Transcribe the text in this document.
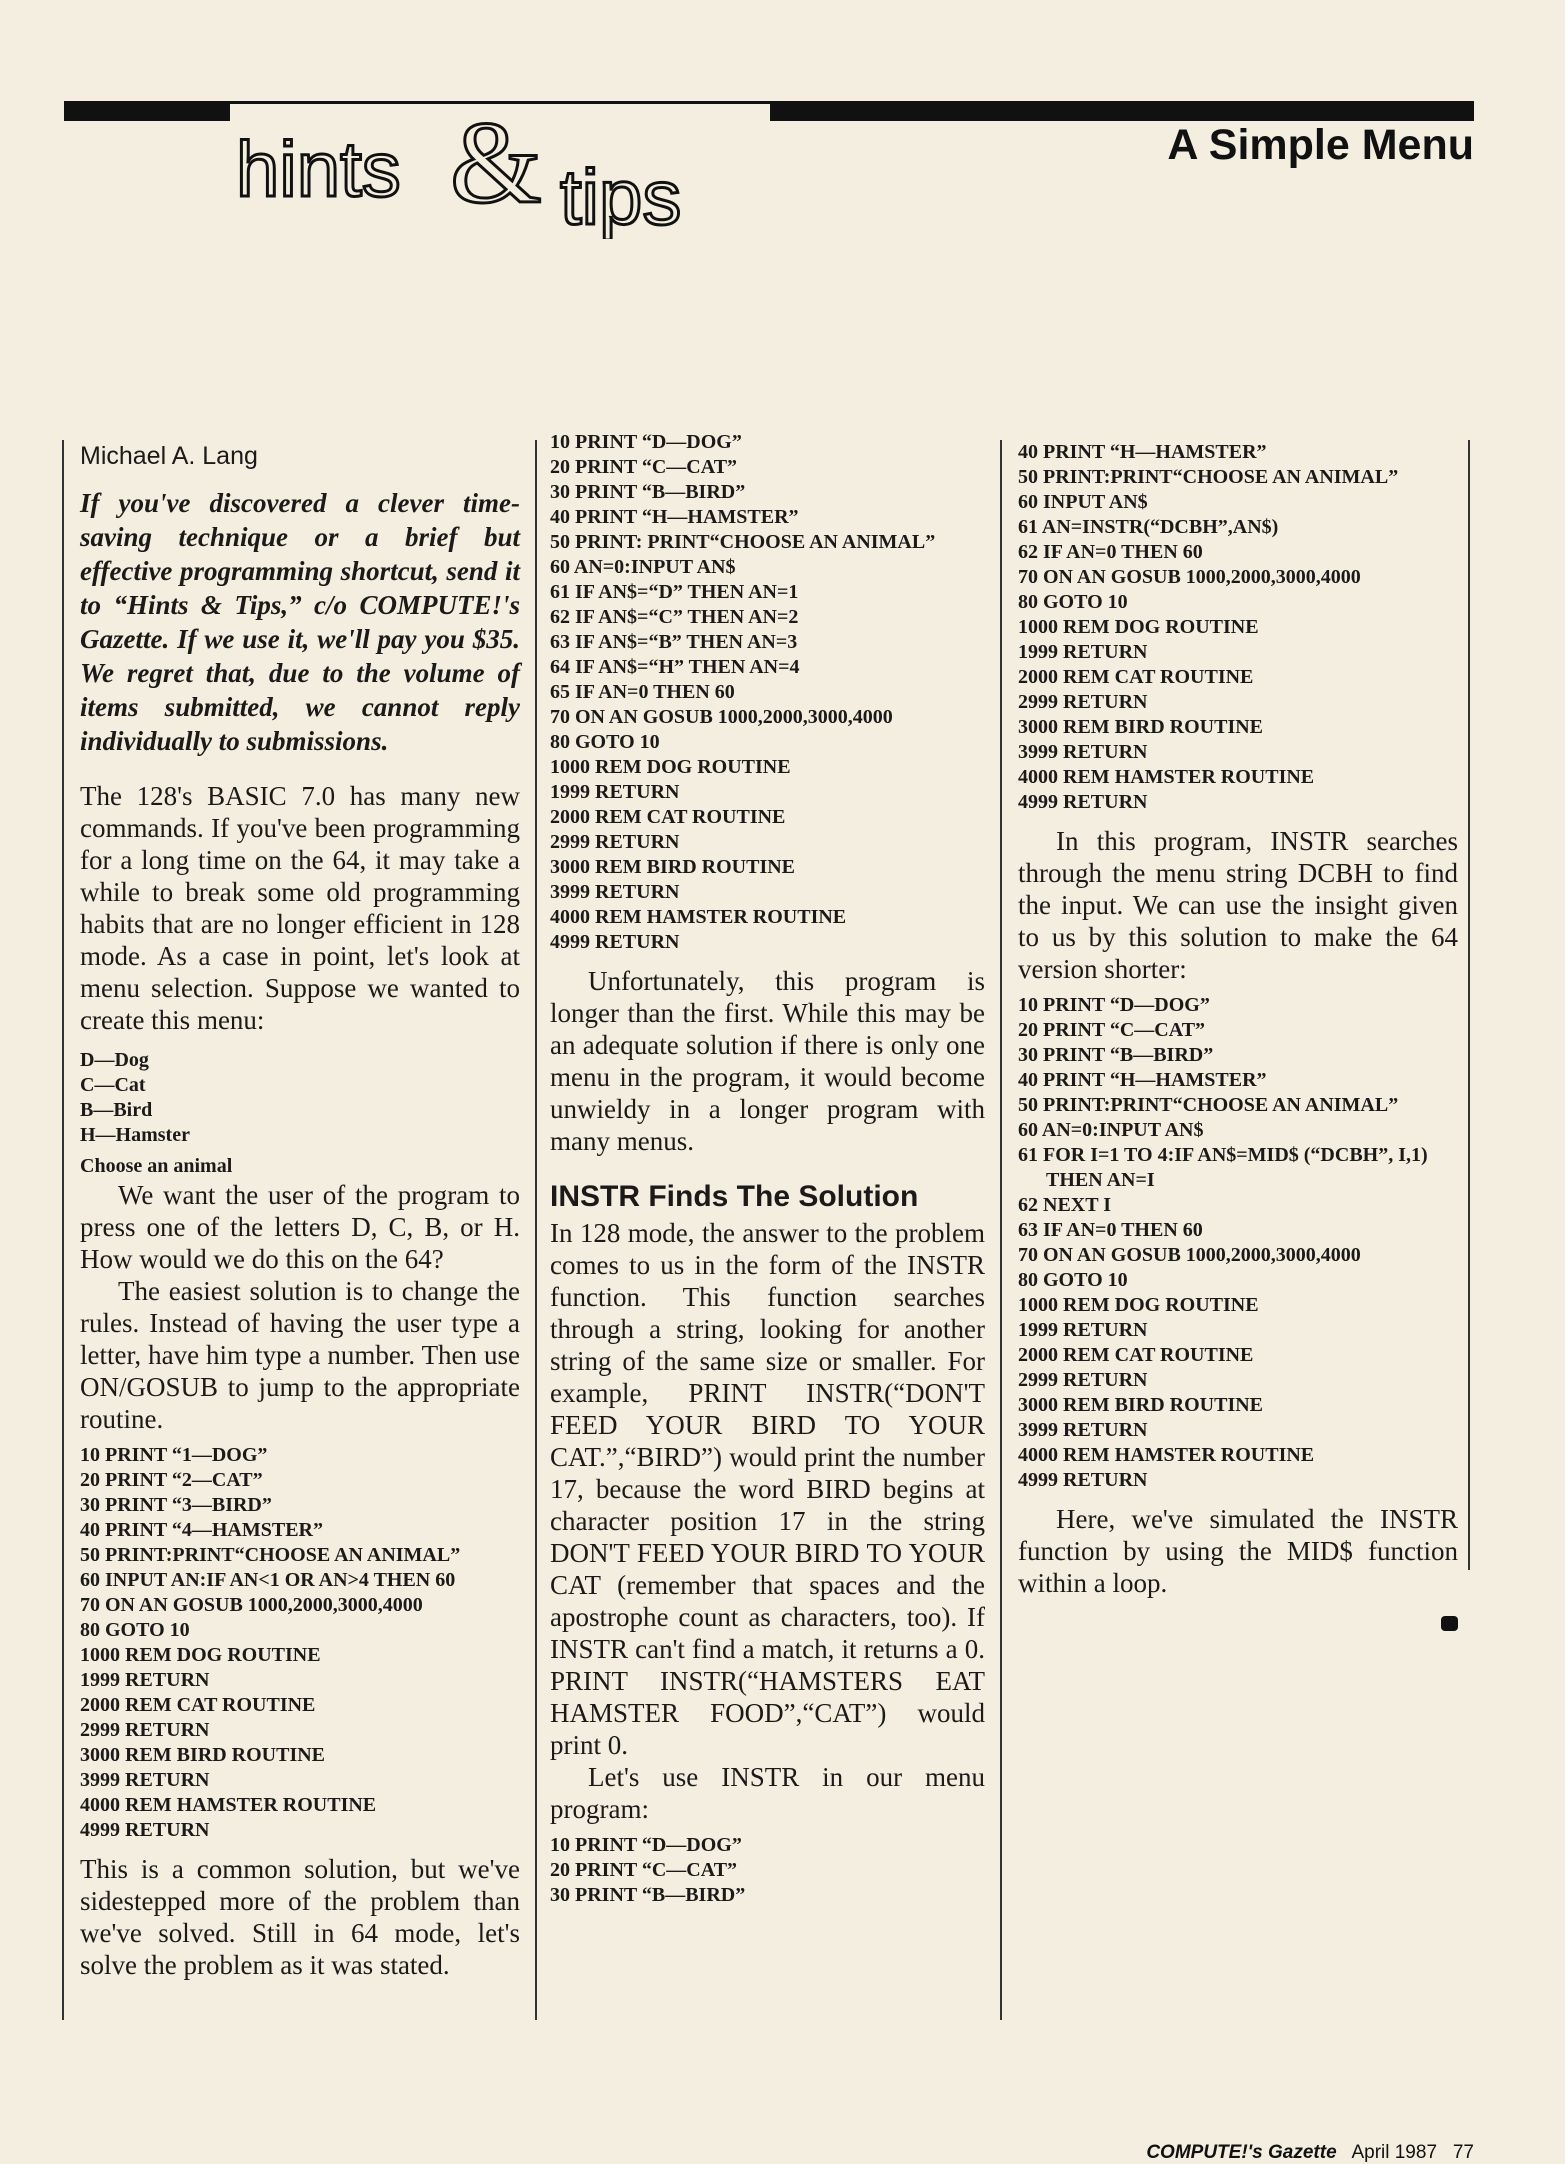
hints & tips
A Simple Menu

Michael A. Lang

If you've discovered a clever time-saving technique or a brief but effective programming shortcut, send it to “Hints & Tips,” c/o COMPUTE!'s Gazette. If we use it, we'll pay you $35. We regret that, due to the volume of items submitted, we cannot reply individually to submissions.

The 128's BASIC 7.0 has many new commands. If you've been programming for a long time on the 64, it may take a while to break some old programming habits that are no longer efficient in 128 mode. As a case in point, let's look at menu selection. Suppose we wanted to create this menu:

D—Dog
C—Cat
B—Bird
H—Hamster

Choose an animal

We want the user of the program to press one of the letters D, C, B, or H. How would we do this on the 64?

The easiest solution is to change the rules. Instead of having the user type a letter, have him type a number. Then use ON/GOSUB to jump to the appropriate routine.

10 PRINT “1—DOG”
20 PRINT “2—CAT”
30 PRINT “3—BIRD”
40 PRINT “4—HAMSTER”
50 PRINT:PRINT“CHOOSE AN ANIMAL”
60 INPUT AN:IF AN<1 OR AN>4 THEN 60
70 ON AN GOSUB 1000,2000,3000,4000
80 GOTO 10
1000 REM DOG ROUTINE
1999 RETURN
2000 REM CAT ROUTINE
2999 RETURN
3000 REM BIRD ROUTINE
3999 RETURN
4000 REM HAMSTER ROUTINE
4999 RETURN

This is a common solution, but we've sidestepped more of the problem than we've solved. Still in 64 mode, let's solve the problem as it was stated.

10 PRINT “D—DOG”
20 PRINT “C—CAT”
30 PRINT “B—BIRD”
40 PRINT “H—HAMSTER”
50 PRINT: PRINT“CHOOSE AN ANIMAL”
60 AN=0:INPUT AN$
61 IF AN$=“D” THEN AN=1
62 IF AN$=“C” THEN AN=2
63 IF AN$=“B” THEN AN=3
64 IF AN$=“H” THEN AN=4
65 IF AN=0 THEN 60
70 ON AN GOSUB 1000,2000,3000,4000
80 GOTO 10
1000 REM DOG ROUTINE
1999 RETURN
2000 REM CAT ROUTINE
2999 RETURN
3000 REM BIRD ROUTINE
3999 RETURN
4000 REM HAMSTER ROUTINE
4999 RETURN

Unfortunately, this program is longer than the first. While this may be an adequate solution if there is only one menu in the program, it would become unwieldy in a longer program with many menus.

INSTR Finds The Solution

In 128 mode, the answer to the problem comes to us in the form of the INSTR function. This function searches through a string, looking for another string of the same size or smaller. For example, PRINT INSTR(“DON'T FEED YOUR BIRD TO YOUR CAT.”,“BIRD”) would print the number 17, because the word BIRD begins at character position 17 in the string DON'T FEED YOUR BIRD TO YOUR CAT (remember that spaces and the apostrophe count as characters, too). If INSTR can't find a match, it returns a 0. PRINT INSTR(“HAMSTERS EAT HAMSTER FOOD”,“CAT”) would print 0.

Let's use INSTR in our menu program:

10 PRINT “D—DOG”
20 PRINT “C—CAT”
30 PRINT “B—BIRD”
40 PRINT “H—HAMSTER”
50 PRINT:PRINT“CHOOSE AN ANIMAL”
60 INPUT AN$
61 AN=INSTR(“DCBH”,AN$)
62 IF AN=0 THEN 60
70 ON AN GOSUB 1000,2000,3000,4000
80 GOTO 10
1000 REM DOG ROUTINE
1999 RETURN
2000 REM CAT ROUTINE
2999 RETURN
3000 REM BIRD ROUTINE
3999 RETURN
4000 REM HAMSTER ROUTINE
4999 RETURN

In this program, INSTR searches through the menu string DCBH to find the input. We can use the insight given to us by this solution to make the 64 version shorter:

10 PRINT “D—DOG”
20 PRINT “C—CAT”
30 PRINT “B—BIRD”
40 PRINT “H—HAMSTER”
50 PRINT:PRINT“CHOOSE AN ANIMAL”
60 AN=0:INPUT AN$
61 FOR I=1 TO 4:IF AN$=MID$ (“DCBH”, I,1) THEN AN=I
62 NEXT I
63 IF AN=0 THEN 60
70 ON AN GOSUB 1000,2000,3000,4000
80 GOTO 10
1000 REM DOG ROUTINE
1999 RETURN
2000 REM CAT ROUTINE
2999 RETURN
3000 REM BIRD ROUTINE
3999 RETURN
4000 REM HAMSTER ROUTINE
4999 RETURN

Here, we've simulated the INSTR function by using the MID$ function within a loop.

COMPUTE!'s Gazette April 1987 77
